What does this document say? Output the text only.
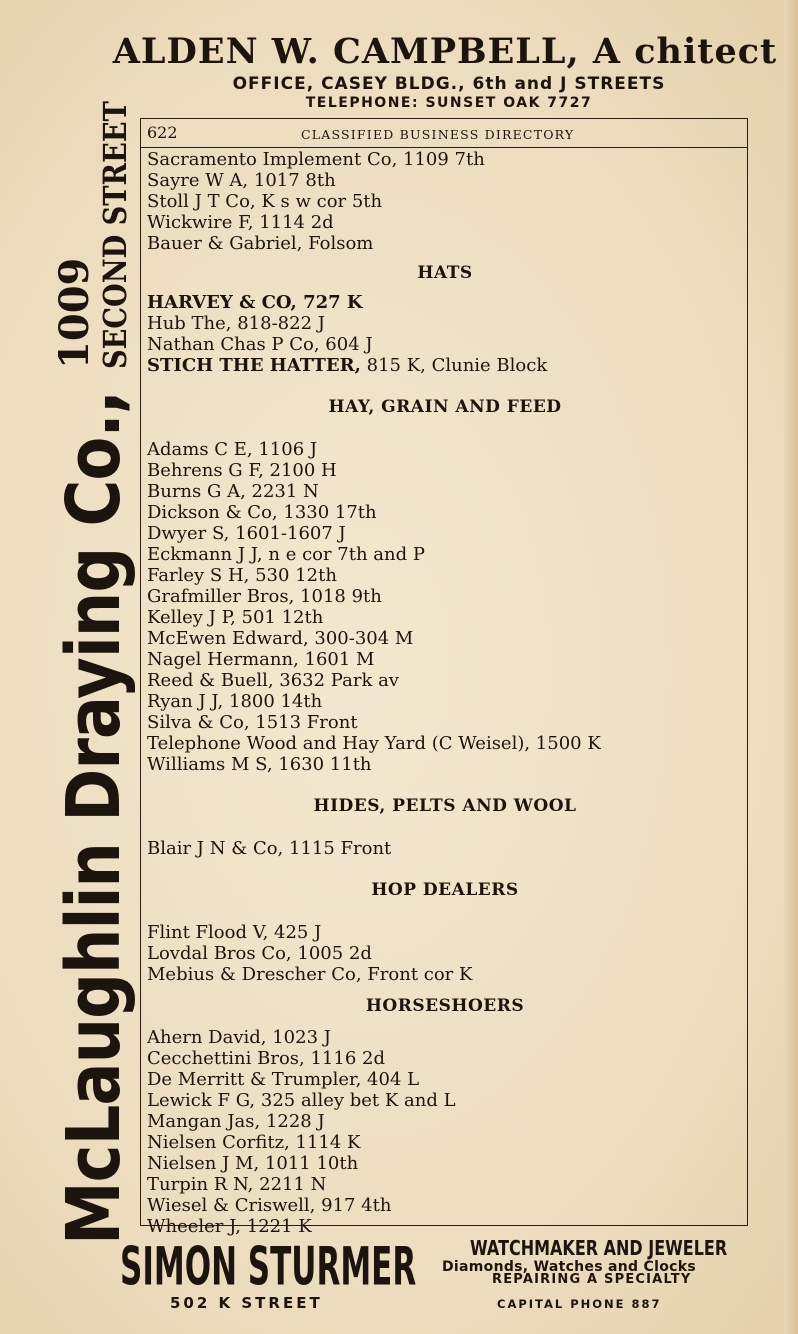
ALDEN W. CAMPBELL, A chitect
OFFICE, CASEY BLDG., 6th and J STREETS
TELEPHONE: SUNSET OAK 7727
McLaughlin Draying Co.,
1009
SECOND STREET 622	CLASSIFIED BUSINESS DIRECTORY
Sacramento Implement Co, 1109 7th
Sayre W A, 1017 8th
Stoll J T Co, K s w cor 5th
Wickwire F, 1114 2d
Bauer & Gabriel, Folsom
HATS
HARVEY & CO, 727 K
Hub The, 818-822 J
Nathan Chas P Co, 604 J
STICH THE HATTER, 815 K, Clunie Block
HAY, GRAIN AND FEED
Adams C E, 1106 J
Behrens G F, 2100 H
Burns G A, 2231 N
Dickson & Co, 1330 17th
Dwyer S, 1601-1607 J
Eckmann J J, n e cor 7th and P
Farley S H, 530 12th
Grafmiller Bros, 1018 9th
Kelley J P, 501 12th
McEwen Edward, 300-304 M
Nagel Hermann, 1601 M
Reed & Buell, 3632 Park av
Ryan J J, 1800 14th
Silva & Co, 1513 Front
Telephone Wood and Hay Yard (C Weisel), 1500 K
Williams M S, 1630 11th
HIDES, PELTS AND WOOL
Blair J N & Co, 1115 Front
HOP DEALERS
Flint Flood V, 425 J
Lovdal Bros Co, 1005 2d
Mebius & Drescher Co, Front cor K
HORSESHOERS
Ahern David, 1023 J
Cecchettini Bros, 1116 2d
De Merritt & Trumpler, 404 L
Lewick F G, 325 alley bet K and L
Mangan Jas, 1228 J
Nielsen Corfitz, 1114 K
Nielsen J M, 1011 10th
Turpin R N, 2211 N
Wiesel & Criswell, 917 4th
Wheeler J, 1221 K
SIMON STURMER	WATCHMAKER AND JEWELER
Diamonds, Watches and Clocks
REPAIRING A SPECIALTY
502 K STREET	CAPITAL PHONE 887
